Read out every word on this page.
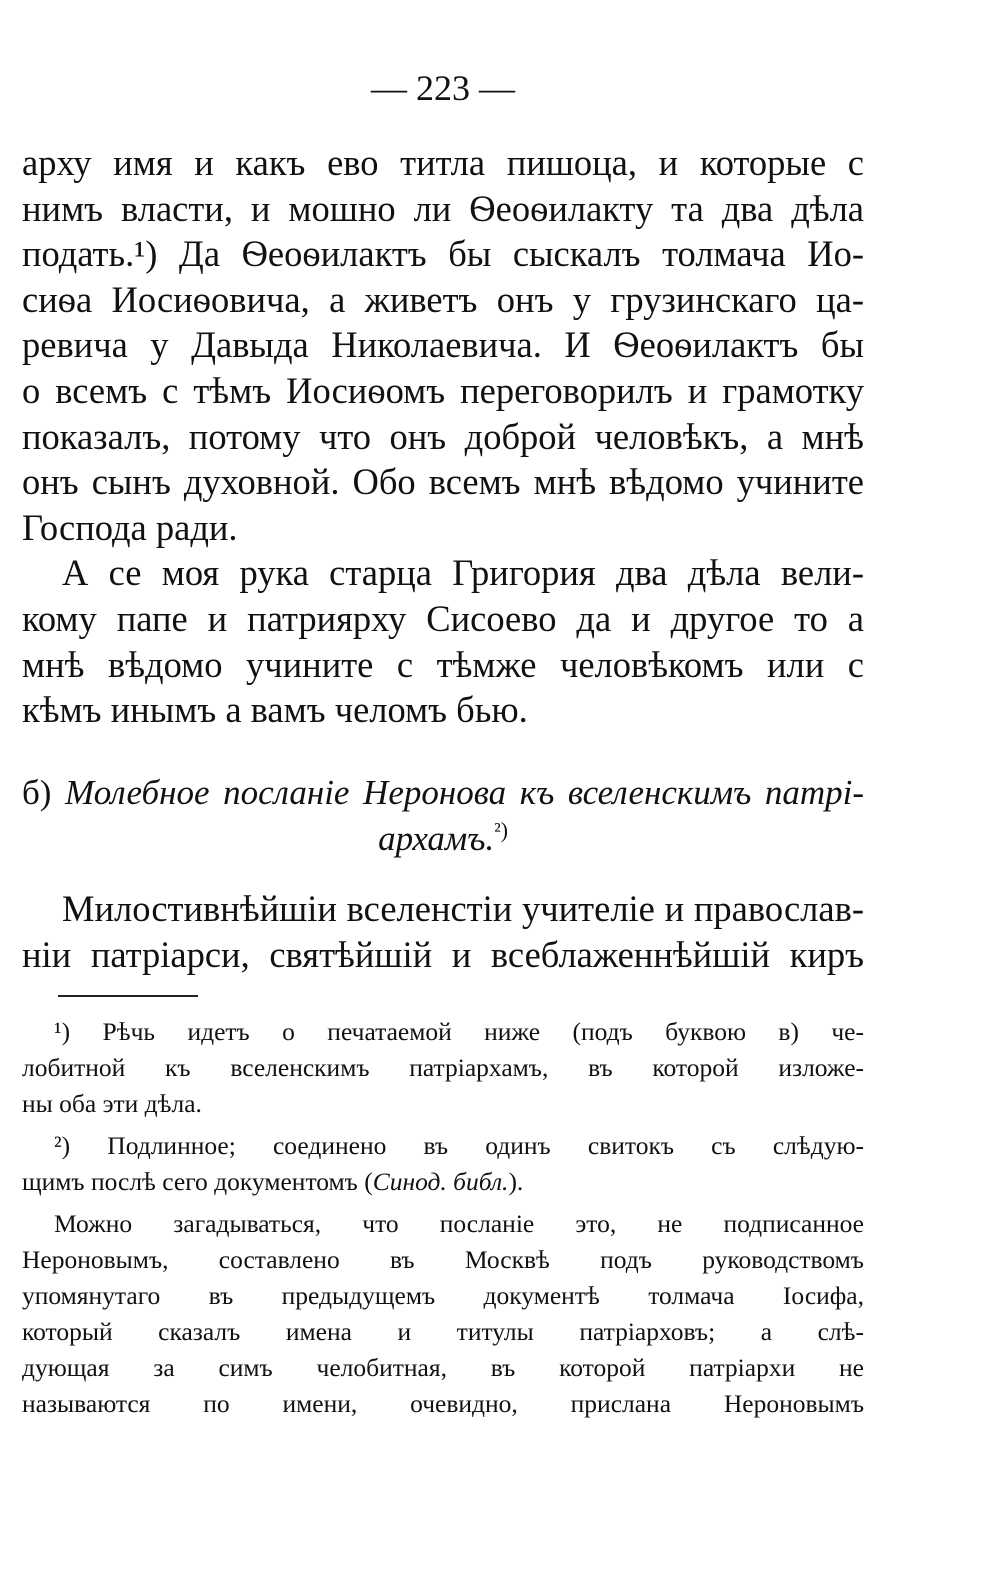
— 223 —
арху имя и какъ ево титла пишоца, и которые с
нимъ власти, и мошно ли Ѳеоѳилакту та два дѣла
подать.¹) Да Ѳеоѳилактъ бы сыскалъ толмача Ио-
сиѳа Иосиѳовича, а живетъ онъ у грузинскаго ца-
ревича у Давыда Николаевича. И Ѳеоѳилактъ бы
о всемъ с тѣмъ Иосиѳомъ переговорилъ и грамотку
показалъ, потому что онъ доброй человѣкъ, а мнѣ
онъ сынъ духовной. Обо всемъ мнѣ вѣдомо учините
Господа ради.
А се моя рука старца Григория два дѣла вели-
кому папе и патриярху Сисоево да и другое то а
мнѣ вѣдомо учините с тѣмже человѣкомъ или с
кѣмъ инымъ а вамъ челомъ бью.
б) Молебное посланіе Неронова къ вселенскимъ патрі-
архамъ.$^{^2)}$
Милостивнѣйшіи вселенстіи учителіе и православ-
ніи патріарси, святѣйшій и всеблаженнѣйшій киръ
¹) Рѣчь идетъ о печатаемой ниже (подъ буквою в) че-
лобитной къ вселенскимъ патріархамъ, въ которой изложе-
ны оба эти дѣла.
²) Подлинное; соединено въ одинъ свитокъ съ слѣдую-
щимъ послѣ сего документомъ (Синод. библ.).
Можно загадываться, что посланіе это, не подписанное
Нероновымъ, составлено въ Москвѣ подъ руководствомъ
упомянутаго въ предыдущемъ документѣ толмача Іосифа,
который сказалъ имена и титулы патріарховъ; а слѣ-
дующая за симъ челобитная, въ которой патріархи не
называются по имени, очевидно, прислана Нероновымъ
